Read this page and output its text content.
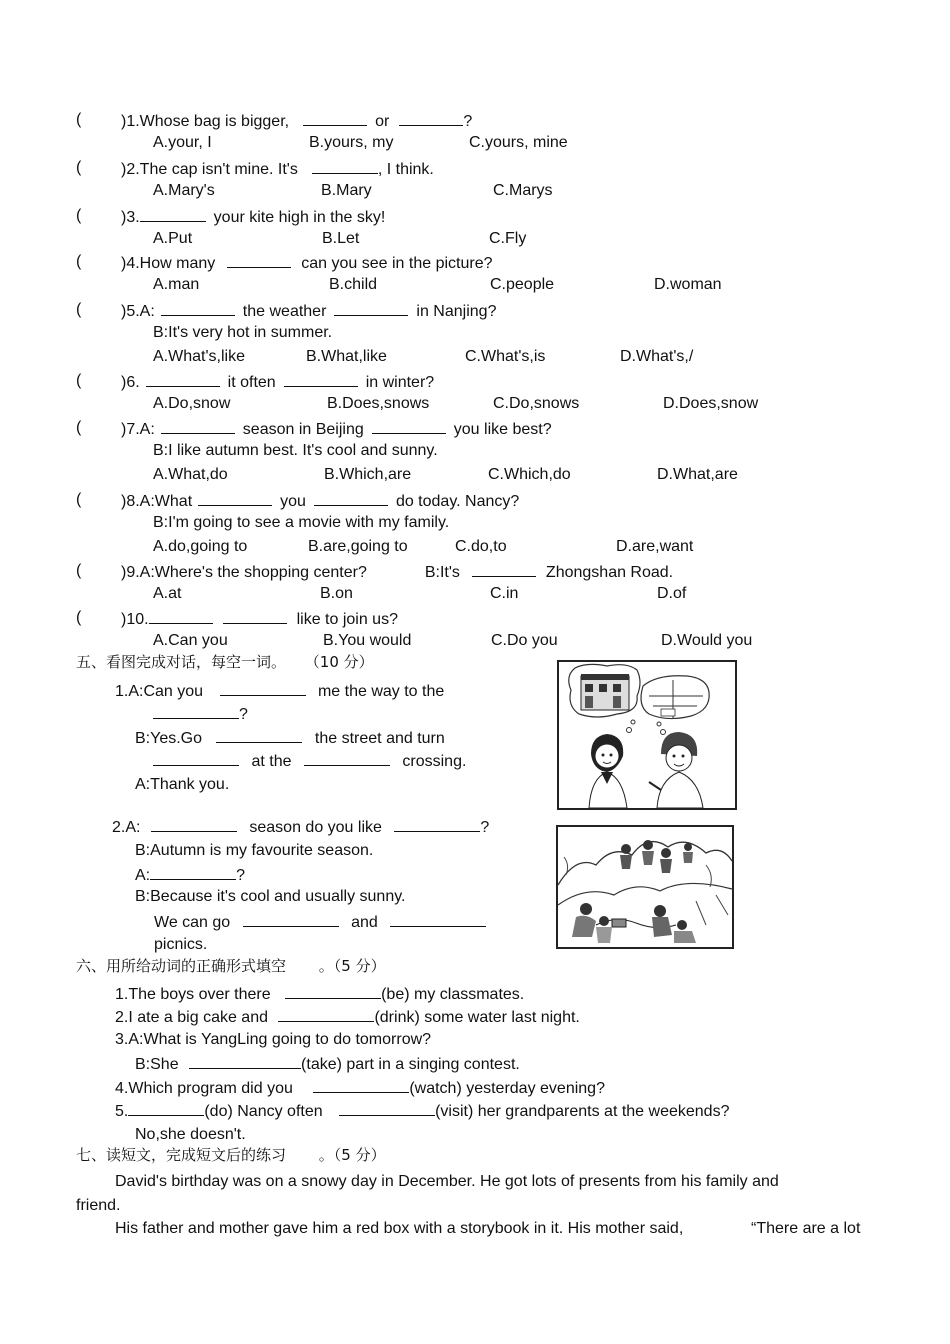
( )1.Whose bag is bigger,	or	?
A.your, I	B.yours, my	C.yours, mine
( )2.The cap isn't mine. It's	, I think.
A.Mary's	B.Mary	C.Marys
( )3.	your kite high in the sky!
A.Put	B.Let	C.Fly
( )4.How many	can you see in the picture?
A.man	B.child	C.people	D.woman
( )5.A:	the weather	in Nanjing?
B:It's very hot in summer.
A.What's,like	B.What,like	C.What's,is	D.What's,/
( )6.	it often	in winter?
A.Do,snow	B.Does,snows	C.Do,snows	D.Does,snow
( )7.A:	season in Beijing	you like best?
B:I like autumn best. It's cool and sunny.
A.What,do	B.Which,are	C.Which,do	D.What,are
( )8.A:What	you	do today. Nancy?
B:I'm going to see a movie with my family.
A.do,going to	B.are,going to	C.do,to	D.are,want
( )9.A:Where's the shopping center?	B:It's	Zhongshan Road.
A.at	B.on	C.in	D.of
( )10.	like to join us?
A.Can you	B.You would	C.Do you	D.Would you
五、看图完成对话，每空一词。 （10 分）
1.A:Can you	me the way to the
?
B:Yes.Go	the street and turn
at the	crossing.
A:Thank you.
2.A:	season do you like	?
B:Autumn is my favourite season.
A:	?
B:Because it's cool and usually sunny.
We can go	and
picnics.
六、用所给动词的正确形式填空 。（5 分）
1.The boys over there	(be) my classmates.
2.I ate a big cake and	(drink) some water last night.
3.A:What is YangLing going to do tomorrow?
B:She	(take) part in a singing contest.
4.Which program did you	(watch) yesterday evening?
5.	(do) Nancy often	(visit) her grandparents at the weekends?
No,she doesn't.
七、读短文，完成短文后的练习 。（5 分）
David's birthday was on a snowy day in December. He got lots of presents from his family and
friend.
His father and mother gave him a red box with a storybook in it. His mother said,	“There are a lot
